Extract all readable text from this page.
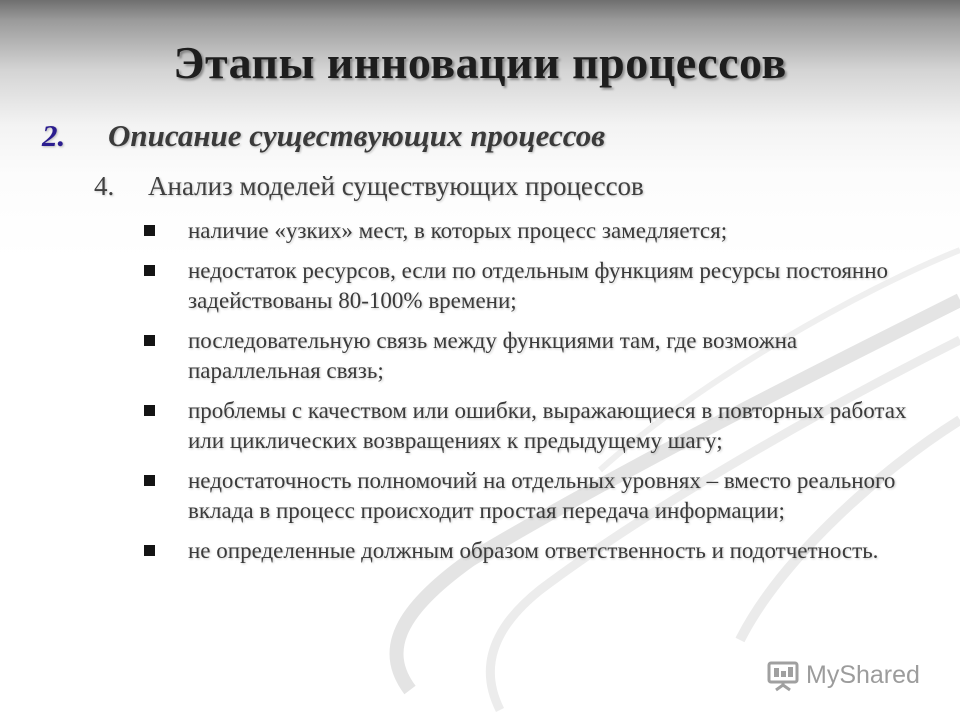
Этапы инновации процессов
2. Описание существующих процессов
4. Анализ моделей существующих процессов
наличие «узких» мест, в которых процесс замедляется;
недостаток ресурсов, если по отдельным функциям ресурсы постоянно задействованы 80-100% времени;
последовательную связь между функциями там, где возможна параллельная связь;
проблемы с качеством или ошибки, выражающиеся в повторных работах или циклических возвращениях к предыдущему шагу;
недостаточность полномочий на отдельных уровнях – вместо реального вклада в процесс происходит простая передача информации;
не определенные должным образом ответственность и подотчетность.
MyShared
